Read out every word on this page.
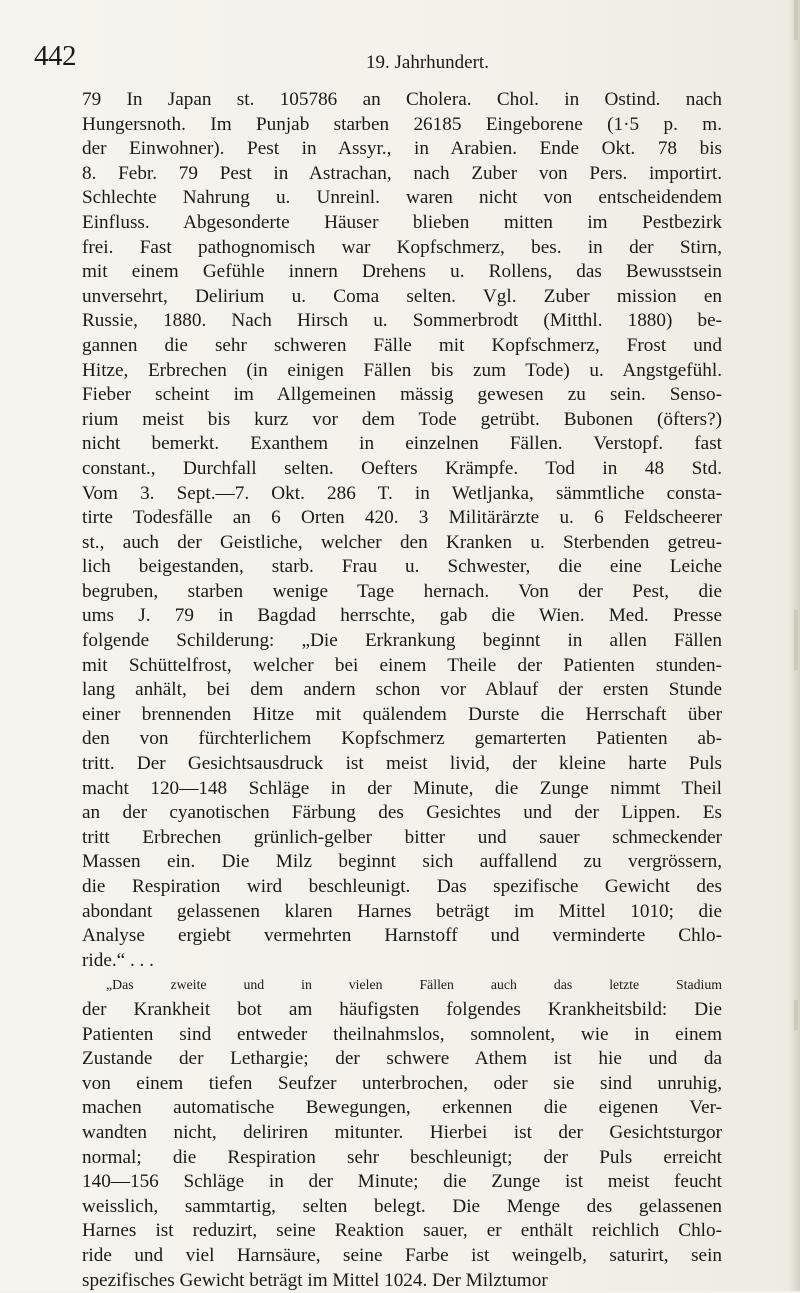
442	19. Jahrhundert.
79 In Japan st. 105786 an Cholera. Chol. in Ostind. nach
Hungersnoth. Im Punjab starben 26185 Eingeborene (1·5 p. m.
der Einwohner). Pest in Assyr., in Arabien. Ende Okt. 78 bis
8. Febr. 79 Pest in Astrachan, nach Zuber von Pers. importirt.
Schlechte Nahrung u. Unreinl. waren nicht von entscheidendem
Einfluss. Abgesonderte Häuser blieben mitten im Pestbezirk
frei. Fast pathognomisch war Kopfschmerz, bes. in der Stirn,
mit einem Gefühle innern Drehens u. Rollens, das Bewusstsein
unversehrt, Delirium u. Coma selten. Vgl. Zuber mission en
Russie, 1880. Nach Hirsch u. Sommerbrodt (Mitthl. 1880) be-
gannen die sehr schweren Fälle mit Kopfschmerz, Frost und
Hitze, Erbrechen (in einigen Fällen bis zum Tode) u. Angstgefühl.
Fieber scheint im Allgemeinen mässig gewesen zu sein. Senso-
rium meist bis kurz vor dem Tode getrübt. Bubonen (öfters?)
nicht bemerkt. Exanthem in einzelnen Fällen. Verstopf. fast
constant., Durchfall selten. Oefters Krämpfe. Tod in 48 Std.
Vom 3. Sept.—7. Okt. 286 T. in Wetljanka, sämmtliche consta-
tirte Todesfälle an 6 Orten 420. 3 Militärärzte u. 6 Feldscheerer
st., auch der Geistliche, welcher den Kranken u. Sterbenden getreu-
lich beigestanden, starb. Frau u. Schwester, die eine Leiche
begruben, starben wenige Tage hernach. Von der Pest, die
ums J. 79 in Bagdad herrschte, gab die Wien. Med. Presse
folgende Schilderung: „Die Erkrankung beginnt in allen Fällen
mit Schüttelfrost, welcher bei einem Theile der Patienten stunden-
lang anhält, bei dem andern schon vor Ablauf der ersten Stunde
einer brennenden Hitze mit quälendem Durste die Herrschaft über
den von fürchterlichem Kopfschmerz gemarterten Patienten ab-
tritt. Der Gesichtsausdruck ist meist livid, der kleine harte Puls
macht 120—148 Schläge in der Minute, die Zunge nimmt Theil
an der cyanotischen Färbung des Gesichtes und der Lippen. Es
tritt Erbrechen grünlich-gelber bitter und sauer schmeckender
Massen ein. Die Milz beginnt sich auffallend zu vergrössern,
die Respiration wird beschleunigt. Das spezifische Gewicht des
abondant gelassenen klaren Harnes beträgt im Mittel 1010; die
Analyse ergiebt vermehrten Harnstoff und verminderte Chlo-
ride.“ . . .
„Das zweite und in vielen Fällen auch das letzte Stadium
der Krankheit bot am häufigsten folgendes Krankheitsbild: Die
Patienten sind entweder theilnahmslos, somnolent, wie in einem
Zustande der Lethargie; der schwere Athem ist hie und da
von einem tiefen Seufzer unterbrochen, oder sie sind unruhig,
machen automatische Bewegungen, erkennen die eigenen Ver-
wandten nicht, deliriren mitunter. Hierbei ist der Gesichtsturgor
normal; die Respiration sehr beschleunigt; der Puls erreicht
140—156 Schläge in der Minute; die Zunge ist meist feucht
weisslich, sammtartig, selten belegt. Die Menge des gelassenen
Harnes ist reduzirt, seine Reaktion sauer, er enthält reichlich Chlo-
ride und viel Harnsäure, seine Farbe ist weingelb, saturirt, sein
spezifisches Gewicht beträgt im Mittel 1024. Der Milztumor
